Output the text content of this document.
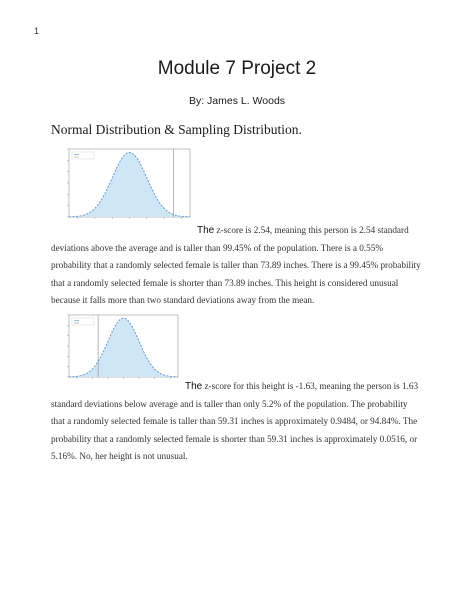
1
Module 7 Project 2
By: James L. Woods
Normal Distribution & Sampling Distribution.
The z-score is 2.54, meaning this person is 2.54 standard deviations above the average and is taller than 99.45% of the population. There is a 0.55% probability that a randomly selected female is taller than 73.89 inches. There is a 99.45% probability that a randomly selected female is shorter than 73.89 inches. This height is considered unusual because it falls more than two standard deviations away from the mean.
The z-score for this height is -1.63, meaning the person is 1.63 standard deviations below average and is taller than only 5.2% of the population. The probability that a randomly selected female is taller than 59.31 inches is approximately 0.9484, or 94.84%. The probability that a randomly selected female is shorter than 59.31 inches is approximately 0.0516, or 5.16%. No, her height is not unusual.
